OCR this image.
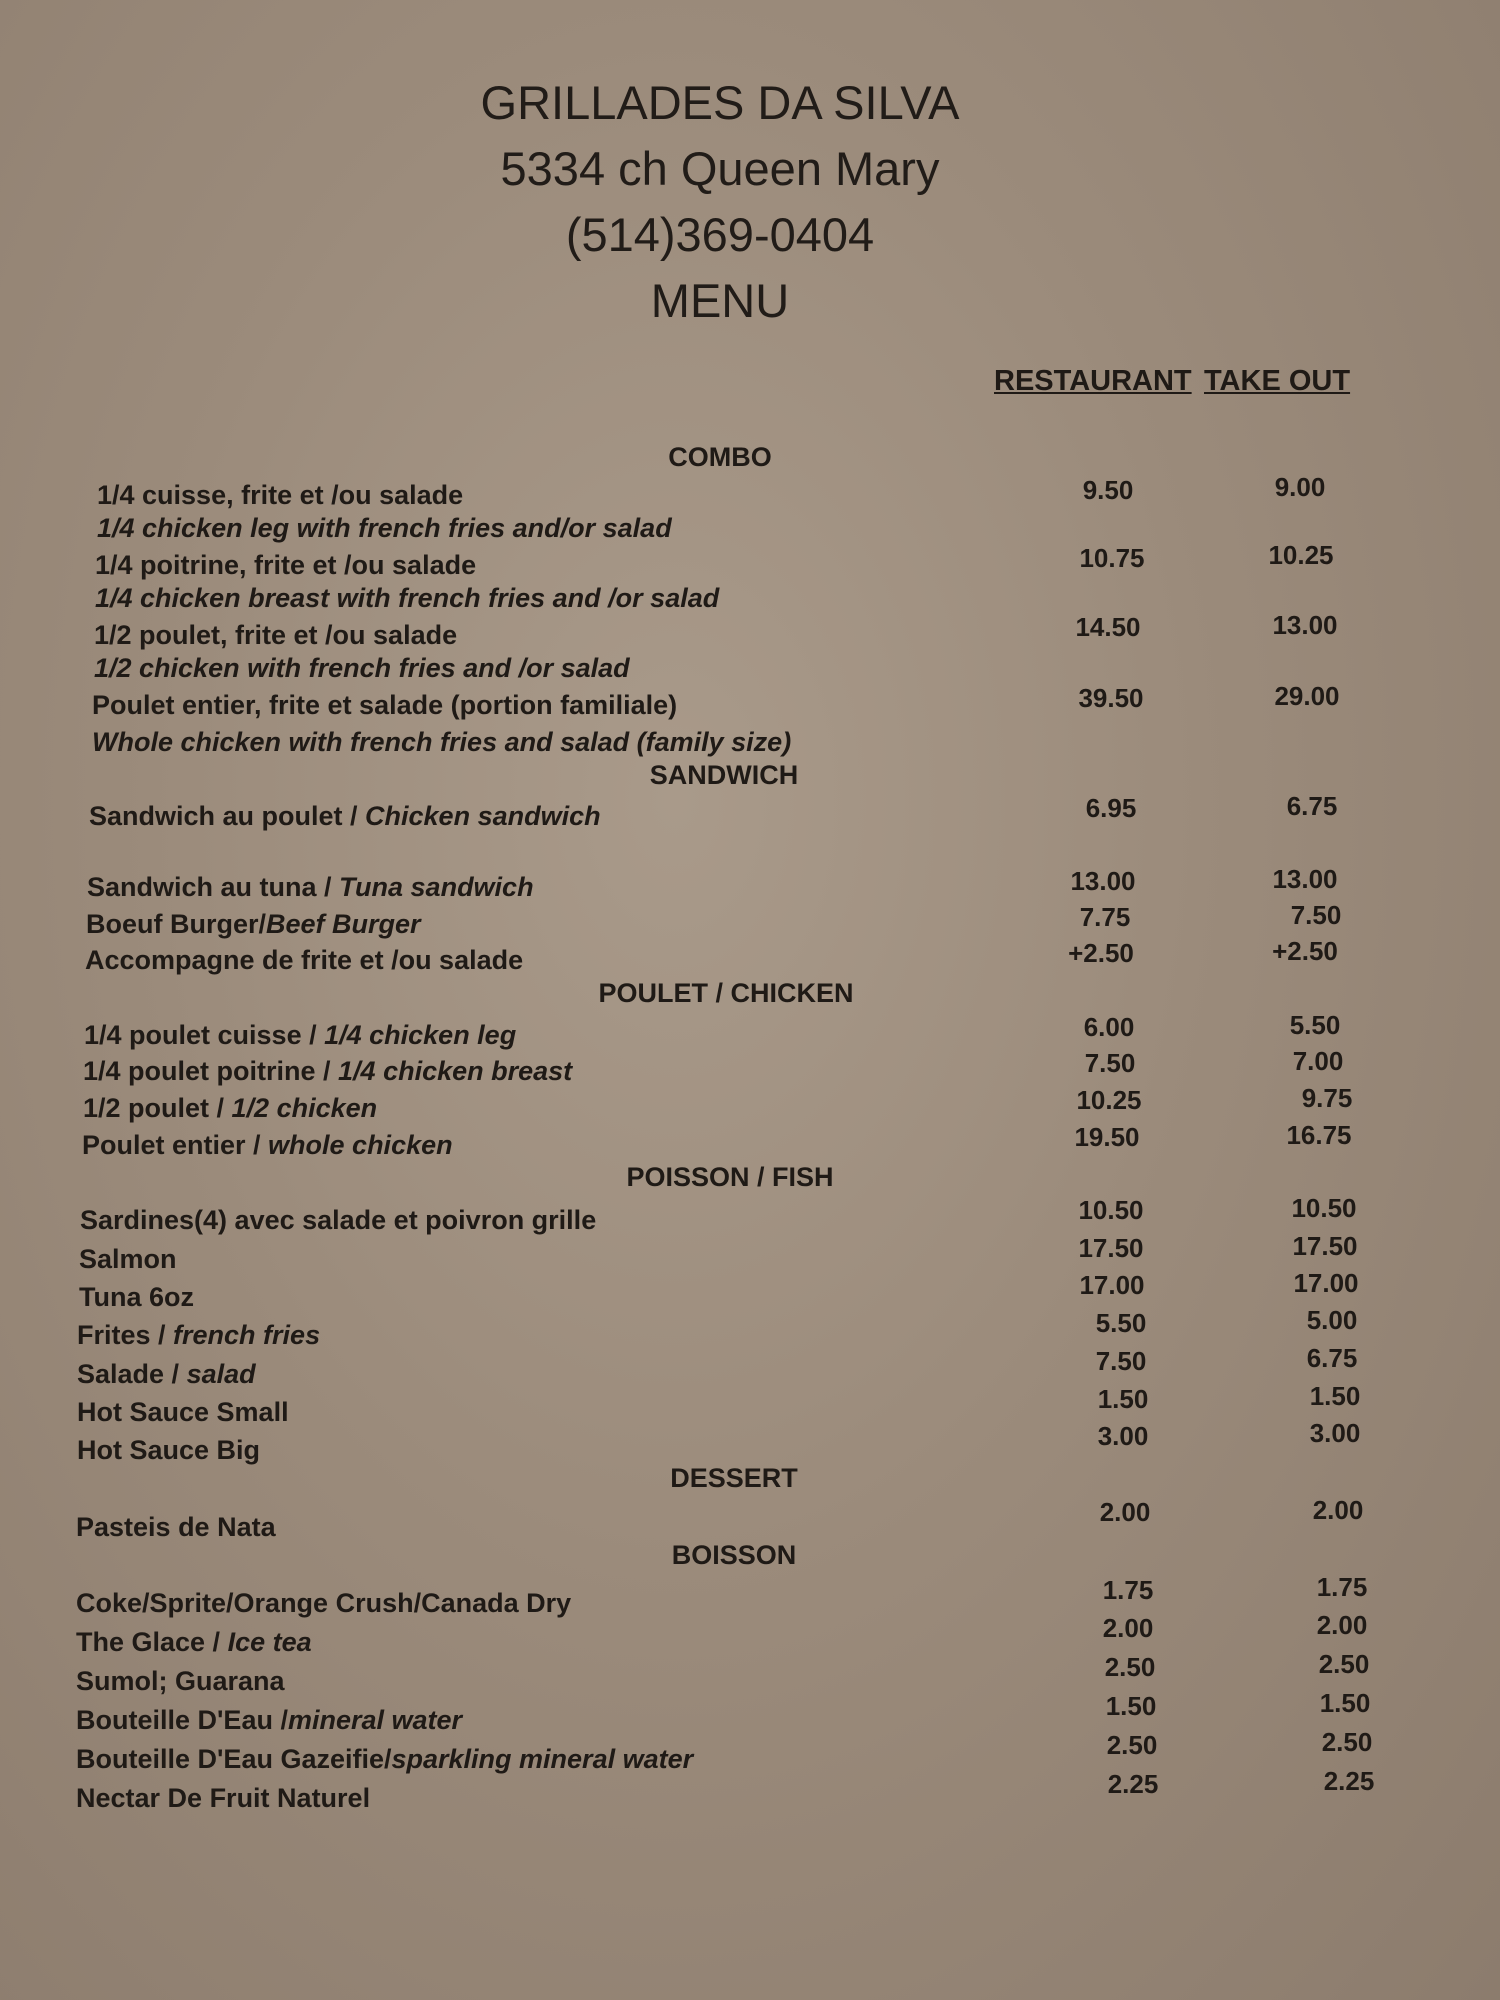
GRILLADES DA SILVA
5334 ch Queen Mary
(514)369-0404
MENU
RESTAURANT TAKE OUT
COMBO
1/4 cuisse, frite et /ou salade
1/4 chicken leg with french fries and/or salad
9.50	9.00
1/4 poitrine, frite et /ou salade
1/4 chicken breast with french fries and /or salad
10.75	10.25
1/2 poulet, frite et /ou salade
1/2 chicken with french fries and /or salad
14.50	13.00
Poulet entier, frite et salade (portion familiale)
Whole chicken with french fries and salad (family size)
39.50	29.00
SANDWICH
Sandwich au poulet / Chicken sandwich	6.95	6.75
Sandwich au tuna / Tuna sandwich	13.00	13.00
Boeuf Burger/Beef Burger	7.75	7.50
Accompagne de frite et /ou salade	+2.50	+2.50
POULET / CHICKEN
1/4 poulet cuisse / 1/4 chicken leg	6.00	5.50
1/4 poulet poitrine / 1/4 chicken breast	7.50	7.00
1/2 poulet / 1/2 chicken	10.25	9.75
Poulet entier / whole chicken	19.50	16.75
POISSON / FISH
Sardines(4) avec salade et poivron grille	10.50	10.50
Salmon	17.50	17.50
Tuna 6oz	17.00	17.00
Frites / french fries	5.50	5.00
Salade / salad	7.50	6.75
Hot Sauce Small	1.50	1.50
Hot Sauce Big	3.00	3.00
DESSERT
Pasteis de Nata	2.00	2.00
BOISSON
Coke/Sprite/Orange Crush/Canada Dry	1.75	1.75
The Glace / Ice tea	2.00	2.00
Sumol; Guarana	2.50	2.50
Bouteille D'Eau /mineral water	1.50	1.50
Bouteille D'Eau Gazeifie/sparkling mineral water	2.50	2.50
Nectar De Fruit Naturel	2.25	2.25
